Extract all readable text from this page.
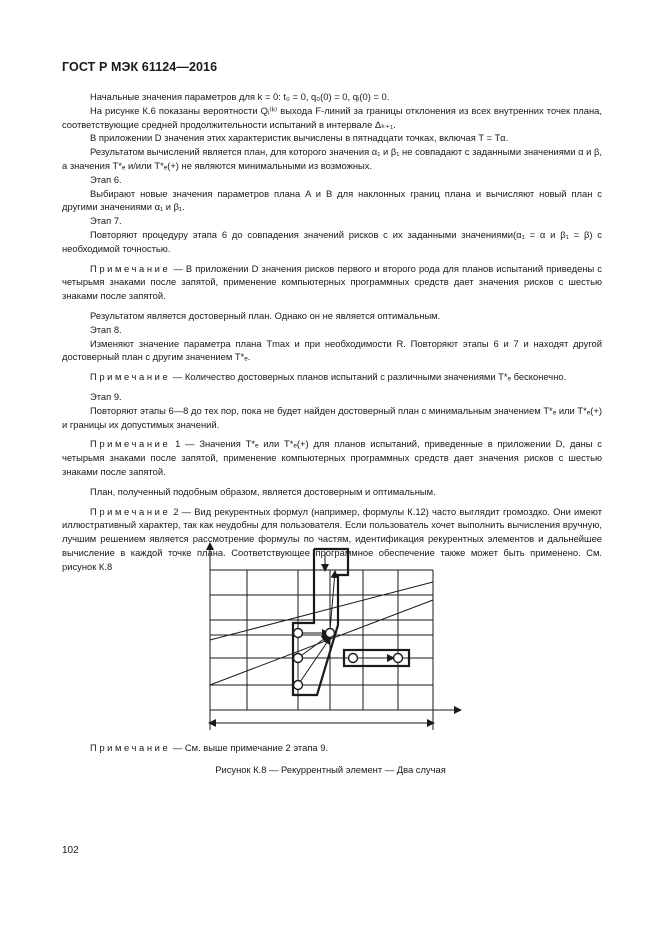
ГОСТ Р МЭК 61124—2016

Начальные значения параметров для k = 0: t₀ = 0, q₀(0) = 0, qᵢ(0) = 0.

На рисунке К.6 показаны вероятности Qᵢ⁽ᵏ⁾ выхода F-линий за границы отклонения из всех внутренних точек плана, соответствующие средней продолжительности испытаний в интервале Δₖ₊₁.

В приложении D значения этих характеристик вычислены в пятнадцати точках, включая T = Tα.

Результатом вычислений является план, для которого значения α₁ и β₁ не совпадают с заданными значениями α и β, а значения T*ₑ и/или T*ₑ(+) не являются минимальными из возможных.

Этап 6.

Выбирают новые значения параметров плана A и B для наклонных границ плана и вычисляют новый план с другими значениями α₁ и β₁.

Этап 7.

Повторяют процедуру этапа 6 до совпадения значений рисков с их заданными значениями(α₁ = α и β₁ = β) с необходимой точностью.

Примечание — В приложении D значения рисков первого и второго рода для планов испытаний приведены с четырьмя знаками после запятой, применение компьютерных программных средств дает значения рисков с шестью знаками после запятой.

Результатом является достоверный план. Однако он не является оптимальным.

Этап 8.

Изменяют значение параметра плана Tmax и при необходимости R. Повторяют этапы 6 и 7 и находят другой достоверный план с другим значением T*ₑ.

Примечание — Количество достоверных планов испытаний с различными значениями T*ₑ бесконечно.

Этап 9.

Повторяют этапы 6—8 до тех пор, пока не будет найден достоверный план с минимальным значением T*ₑ или T*ₑ(+) и границы их допустимых значений.

Примечание 1 — Значения T*ₑ или T*ₑ(+) для планов испытаний, приведенные в приложении D, даны с четырьмя знаками после запятой, применение компьютерных программных средств дает значения рисков с шестью знаками после запятой.

План, полученный подобным образом, является достоверным и оптимальным.

Примечание 2 — Вид рекурентных формул (например, формулы К.12) часто выглядит громоздко. Они имеют иллюстративный характер, так как неудобны для пользователя. Если пользователь хочет выполнить вычисления вручную, лучшим решением является рассмотрение формулы по частям, идентификация рекурентных элементов и дальнейшее вычисление в каждой точке плана. Соответствующее программное обеспечение также может быть применено. См. рисунок К.8

Примечание — См. выше примечание 2 этапа 9.
Рисунок К.8 — Рекуррентный элемент — Два случая
102
